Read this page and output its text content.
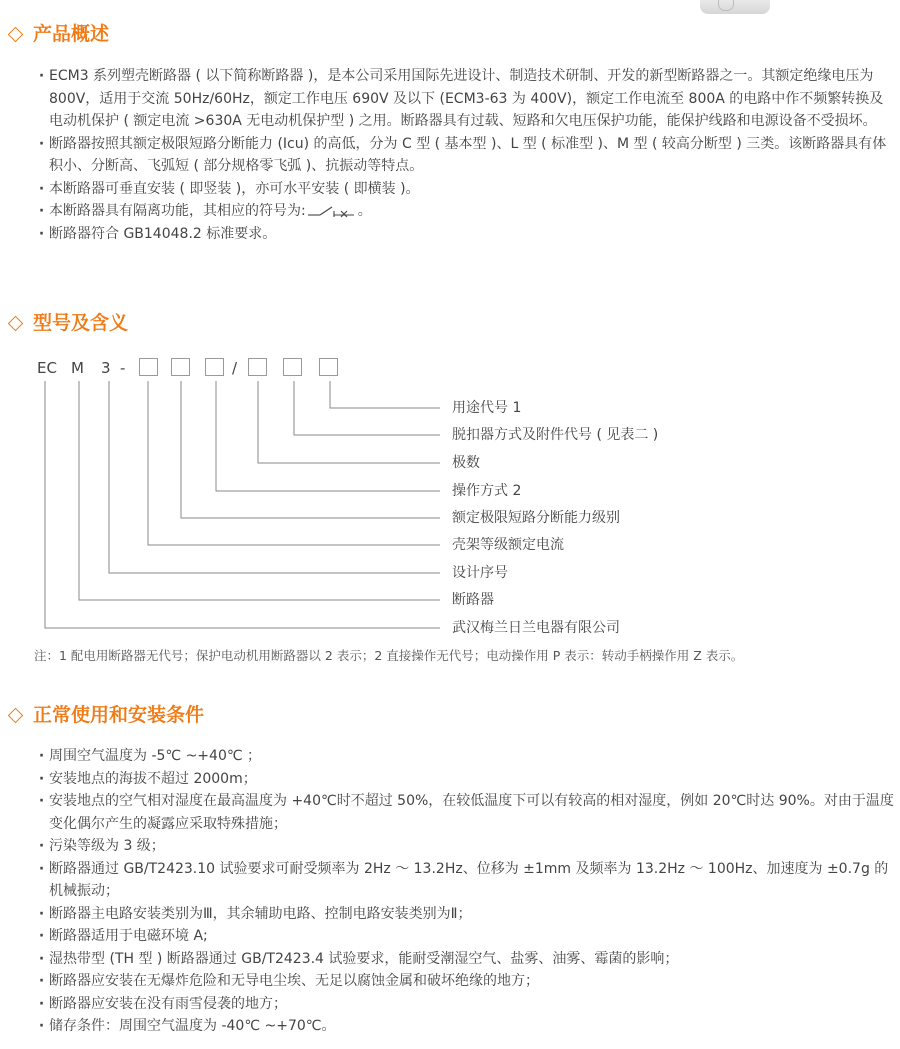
产品概述
· ECM3 系列塑壳断路器 ( 以下简称断路器 )，是本公司采用国际先进设计、制造技术研制、开发的新型断路器之一。其额定绝缘电压为 800V，适用于交流 50Hz/60Hz，额定工作电压 690V 及以下 (ECM3-63 为 400V)，额定工作电流至 800A 的电路中作不频繁转换及电动机保护 ( 额定电流 >630A 无电动机保护型 ) 之用。断路器具有过载、短路和欠电压保护功能，能保护线路和电源设备不受损坏。
· 断路器按照其额定极限短路分断能力 (Icu) 的高低，分为 C 型 ( 基本型 )、L 型 ( 标准型 )、M 型 ( 较高分断型 ) 三类。该断路器具有体积小、分断高、飞弧短 ( 部分规格零飞弧 )、抗振动等特点。
· 本断路器可垂直安装 ( 即竖装 )，亦可水平安装 ( 即横装 )。
· 本断路器具有隔离功能，其相应的符号为:	。
· 断路器符合 GB14048.2 标准要求。
型号及含义
EC M 3 -	/
用途代号 1
脱扣器方式及附件代号 ( 见表二 )
极数
操作方式 2
额定极限短路分断能力级别
壳架等级额定电流
设计序号
断路器
武汉梅兰日兰电器有限公司
注：1 配电用断路器无代号；保护电动机用断路器以 2 表示；2 直接操作无代号；电动操作用 P 表示：转动手柄操作用 Z 表示。
正常使用和安装条件
· 周围空气温度为 -5℃ ~+40℃ ；
· 安装地点的海拔不超过 2000m；
· 安装地点的空气相对湿度在最高温度为 +40℃时不超过 50%，在较低温度下可以有较高的相对湿度，例如 20℃时达 90%。对由于温度变化偶尔产生的凝露应采取特殊措施；
· 污染等级为 3 级；
· 断路器通过 GB/T2423.10 试验要求可耐受频率为 2Hz ～ 13.2Hz、位移为 ±1mm 及频率为 13.2Hz ～ 100Hz、加速度为 ±0.7g 的机械振动；
· 断路器主电路安装类别为Ⅲ，其余辅助电路、控制电路安装类别为Ⅱ；
· 断路器适用于电磁环境 A;
· 湿热带型 (TH 型 ) 断路器通过 GB/T2423.4 试验要求，能耐受潮湿空气、盐雾、油雾、霉菌的影响；
· 断路器应安装在无爆炸危险和无导电尘埃、无足以腐蚀金属和破坏绝缘的地方；
· 断路器应安装在没有雨雪侵袭的地方；
· 储存条件：周围空气温度为 -40℃ ~+70℃。
